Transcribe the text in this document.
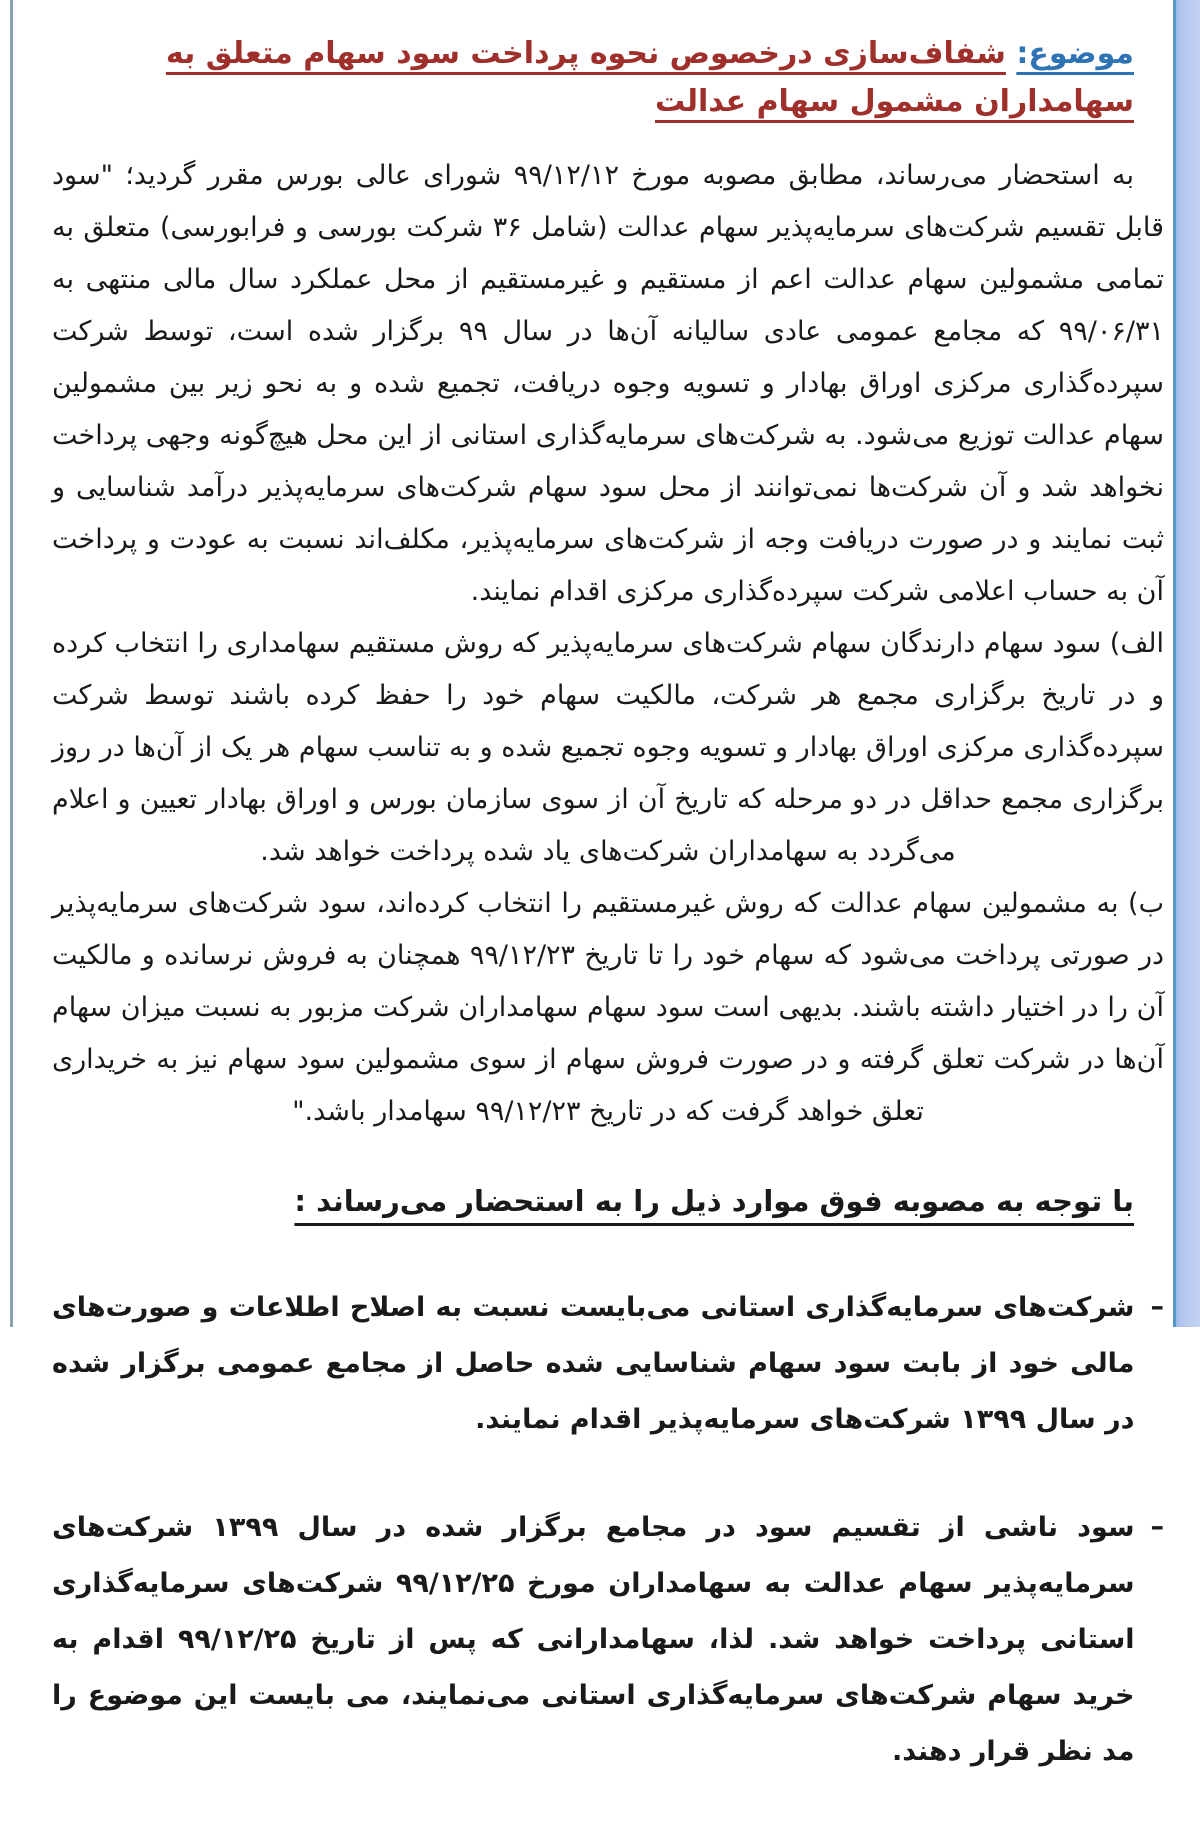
موضوع: شفاف‌سازی درخصوص نحوه پرداخت سود سهام متعلق به سهامداران مشمول سهام عدالت

به استحضار می‌رساند، مطابق مصوبه مورخ ۹۹/۱۲/۱۲ شورای عالی بورس مقرر گردید؛ "سود قابل تقسیم شرکت‌های سرمایه‌پذیر سهام عدالت (شامل ۳۶ شرکت بورسی و فرابورسی) متعلق به تمامی مشمولین سهام عدالت اعم از مستقیم و غیرمستقیم از محل عملکرد سال مالی منتهی به ۹۹/۰۶/۳۱ که مجامع عمومی عادی سالیانه آن‌ها در سال ۹۹ برگزار شده است، توسط شرکت سپرده‌گذاری مرکزی اوراق بهادار و تسویه وجوه دریافت، تجمیع شده و به نحو زیر بین مشمولین سهام عدالت توزیع می‌شود. به شرکت‌های سرمایه‌گذاری استانی از این محل هیچ‌گونه وجهی پرداخت نخواهد شد و آن شرکت‌ها نمی‌توانند از محل سود سهام شرکت‌های سرمایه‌پذیر درآمد شناسایی و ثبت نمایند و در صورت دریافت وجه از شرکت‌های سرمایه‌پذیر، مکلف‌اند نسبت به عودت و پرداخت آن به حساب اعلامی شرکت سپرده‌گذاری مرکزی اقدام نمایند.

الف) سود سهام دارندگان سهام شرکت‌های سرمایه‌پذیر که روش مستقیم سهامداری را انتخاب کرده و در تاریخ برگزاری مجمع هر شرکت، مالکیت سهام خود را حفظ کرده باشند توسط شرکت سپرده‌گذاری مرکزی اوراق بهادار و تسویه وجوه تجمیع شده و به تناسب سهام هر یک از آن‌ها در روز برگزاری مجمع حداقل در دو مرحله که تاریخ آن از سوی سازمان بورس و اوراق بهادار تعیین و اعلام می‌گردد به سهامداران شرکت‌های یاد شده پرداخت خواهد شد.

ب) به مشمولین سهام عدالت که روش غیرمستقیم را انتخاب کرده‌اند، سود شرکت‌های سرمایه‌پذیر در صورتی پرداخت می‌شود که سهام خود را تا تاریخ ۹۹/۱۲/۲۳ همچنان به فروش نرسانده و مالکیت آن را در اختیار داشته باشند. بدیهی است سود سهام سهامداران شرکت مزبور به نسبت میزان سهام آن‌ها در شرکت تعلق گرفته و در صورت فروش سهام از سوی مشمولین سود سهام نیز به خریداری تعلق خواهد گرفت که در تاریخ ۹۹/۱۲/۲۳ سهامدار باشد."

با توجه به مصوبه فوق موارد ذیل را به استحضار می‌رساند :
–

شرکت‌های سرمایه‌گذاری استانی می‌بایست نسبت به اصلاح اطلاعات و صورت‌های مالی خود از بابت سود سهام شناسایی شده حاصل از مجامع عمومی برگزار شده در سال ۱۳۹۹ شرکت‌های سرمایه‌پذیر اقدام نمایند.

–

سود ناشی از تقسیم سود در مجامع برگزار شده در سال ۱۳۹۹ شرکت‌های سرمایه‌پذیر سهام عدالت به سهامداران مورخ ۹۹/۱۲/۲۵ شرکت‌های سرمایه‌گذاری استانی پرداخت خواهد شد. لذا، سهامدارانی که پس از تاریخ ۹۹/۱۲/۲۵ اقدام به خرید سهام شرکت‌های سرمایه‌گذاری استانی می‌نمایند، می بایست این موضوع را مد نظر قرار دهند.
